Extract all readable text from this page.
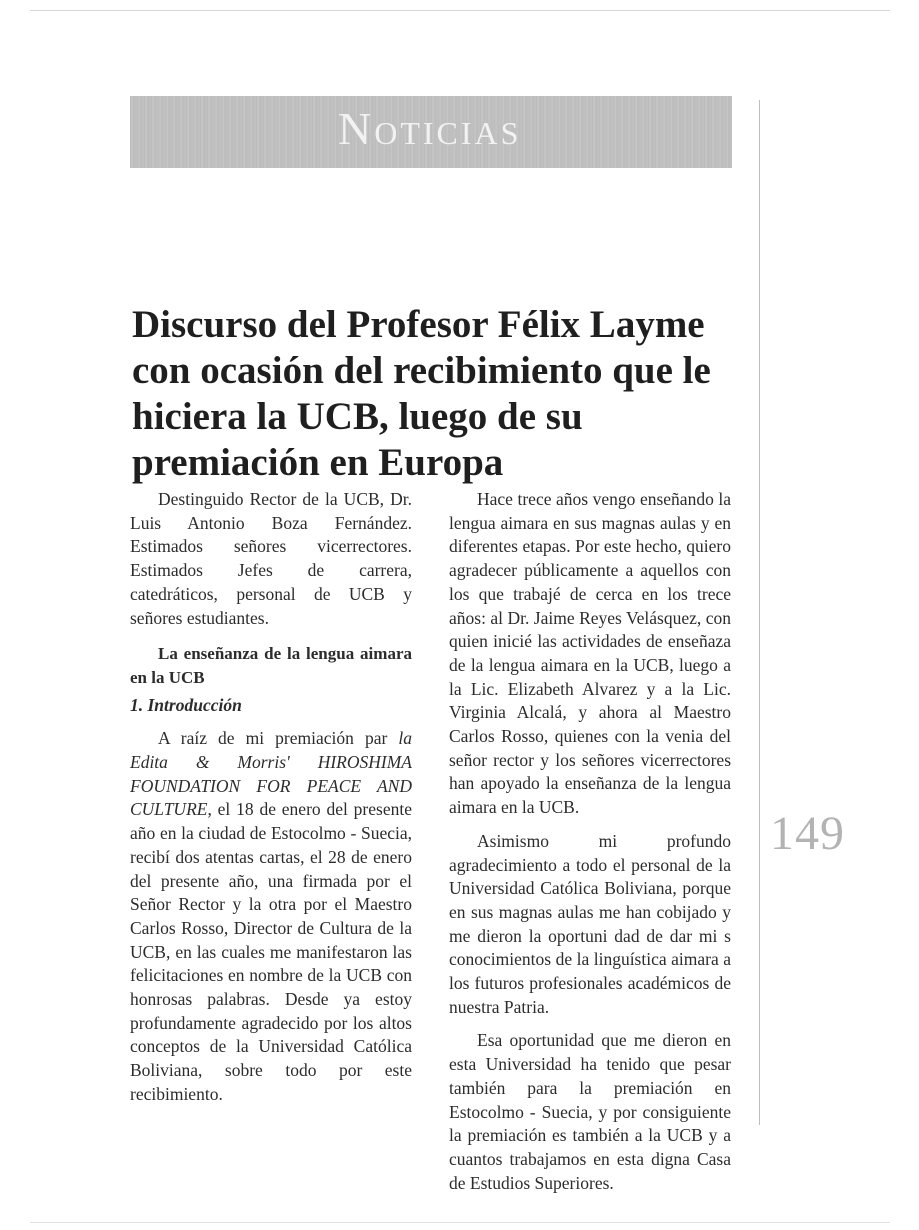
Noticias
149
Discurso del Profesor Félix Layme con ocasión del recibimiento que le hiciera la UCB, luego de su premiación en Europa

Destinguido Rector de la UCB, Dr. Luis Antonio Boza Fernández. Estimados señores vicerrectores. Estimados Jefes de carrera, catedráticos, personal de UCB y señores estudiantes.

La enseñanza de la lengua aimara en la UCB

1. Introducción

A raíz de mi premiación par la Edita & Morris' HIROSHIMA FOUNDATION FOR PEACE AND CULTURE, el 18 de enero del presente año en la ciudad de Estocolmo - Suecia, recibí dos atentas cartas, el 28 de enero del presente año, una firmada por el Señor Rector y la otra por el Maestro Carlos Rosso, Director de Cultura de la UCB, en las cuales me manifestaron las felicitaciones en nombre de la UCB con honrosas palabras. Desde ya estoy profundamente agradecido por los altos conceptos de la Universidad Católica Boliviana, sobre todo por este recibimiento.

Hace trece años vengo enseñando la lengua aimara en sus magnas aulas y en diferentes etapas. Por este hecho, quiero agradecer públicamente a aquellos con los que trabajé de cerca en los trece años: al Dr. Jaime Reyes Velásquez, con quien inicié las actividades de enseñaza de la lengua aimara en la UCB, luego a la Lic. Elizabeth Alvarez y a la Lic. Virginia Alcalá, y ahora al Maestro Carlos Rosso, quienes con la venia del señor rector y los señores vicerrectores han apoyado la enseñanza de la lengua aimara en la UCB.

Asimismo mi profundo agradecimiento a todo el personal de la Universidad Católica Boliviana, porque en sus magnas aulas me han cobijado y me dieron la oportuni dad de dar mi s conocimientos de la linguística aimara a los futuros profesionales académicos de nuestra Patria.

Esa oportunidad que me dieron en esta Universidad ha tenido que pesar también para la premiación en Estocolmo - Suecia, y por consiguiente la premiación es también a la UCB y a cuantos trabajamos en esta digna Casa de Estudios Superiores.
